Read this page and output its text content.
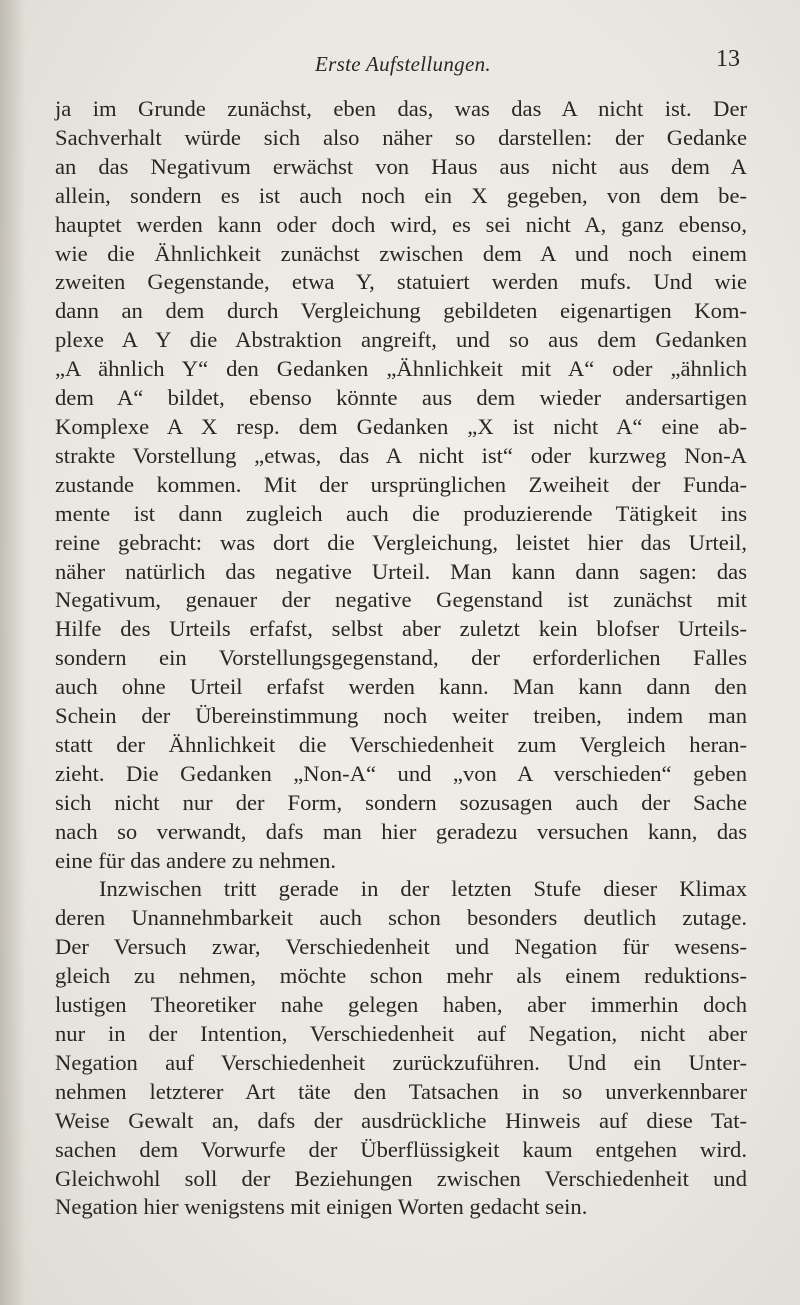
Erste Aufstellungen.	13
ja im Grunde zunächst, eben das, was das A nicht ist. Der
Sachverhalt würde sich also näher so darstellen: der Gedanke
an das Negativum erwächst von Haus aus nicht aus dem A
allein, sondern es ist auch noch ein X gegeben, von dem be-
hauptet werden kann oder doch wird, es sei nicht A, ganz ebenso,
wie die Ähnlichkeit zunächst zwischen dem A und noch einem
zweiten Gegenstande, etwa Y, statuiert werden mufs. Und wie
dann an dem durch Vergleichung gebildeten eigenartigen Kom-
plexe A Y die Abstraktion angreift, und so aus dem Gedanken
„A ähnlich Y“ den Gedanken „Ähnlichkeit mit A“ oder „ähnlich
dem A“ bildet, ebenso könnte aus dem wieder andersartigen
Komplexe A X resp. dem Gedanken „X ist nicht A“ eine ab-
strakte Vorstellung „etwas, das A nicht ist“ oder kurzweg Non-A
zustande kommen. Mit der ursprünglichen Zweiheit der Funda-
mente ist dann zugleich auch die produzierende Tätigkeit ins
reine gebracht: was dort die Vergleichung, leistet hier das Urteil,
näher natürlich das negative Urteil. Man kann dann sagen: das
Negativum, genauer der negative Gegenstand ist zunächst mit
Hilfe des Urteils erfafst, selbst aber zuletzt kein blofser Urteils-
sondern ein Vorstellungsgegenstand, der erforderlichen Falles
auch ohne Urteil erfafst werden kann. Man kann dann den
Schein der Übereinstimmung noch weiter treiben, indem man
statt der Ähnlichkeit die Verschiedenheit zum Vergleich heran-
zieht. Die Gedanken „Non-A“ und „von A verschieden“ geben
sich nicht nur der Form, sondern sozusagen auch der Sache
nach so verwandt, dafs man hier geradezu versuchen kann, das
eine für das andere zu nehmen.
Inzwischen tritt gerade in der letzten Stufe dieser Klimax
deren Unannehmbarkeit auch schon besonders deutlich zutage.
Der Versuch zwar, Verschiedenheit und Negation für wesens-
gleich zu nehmen, möchte schon mehr als einem reduktions-
lustigen Theoretiker nahe gelegen haben, aber immerhin doch
nur in der Intention, Verschiedenheit auf Negation, nicht aber
Negation auf Verschiedenheit zurückzuführen. Und ein Unter-
nehmen letzterer Art täte den Tatsachen in so unverkennbarer
Weise Gewalt an, dafs der ausdrückliche Hinweis auf diese Tat-
sachen dem Vorwurfe der Überflüssigkeit kaum entgehen wird.
Gleichwohl soll der Beziehungen zwischen Verschiedenheit und
Negation hier wenigstens mit einigen Worten gedacht sein.
